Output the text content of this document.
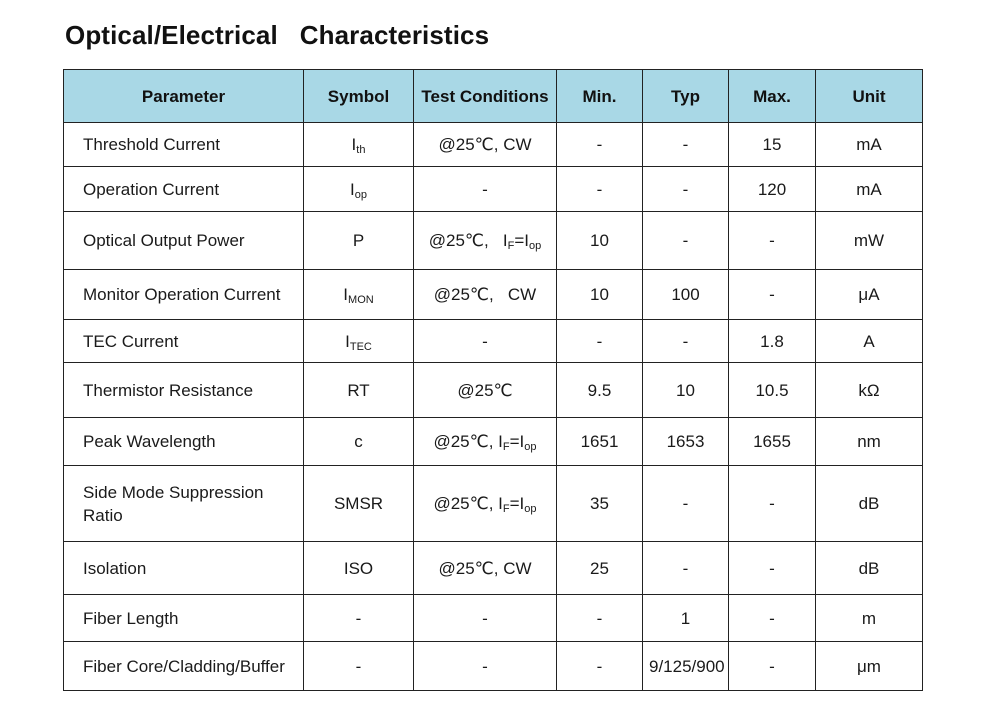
Optical/Electrical   Characteristics
Parameter	Symbol	Test Conditions	Min.	Typ	Max.	Unit
Threshold Current	$I_{th}$	@25℃, CW	-	-	15	mA
Operation Current	$I_{op}$	-	-	-	120	mA
Optical Output Power	P	@25℃,   $I_F=I_{op}$	10	-	-	mW
Monitor Operation Current	$I_{MON}$	@25℃,   CW	10	100	-	μA
TEC Current	$I_{TEC}$	-	-	-	1.8	A
Thermistor Resistance	RT	@25℃	9.5	10	10.5	kΩ
Peak Wavelength	c	@25℃, $I_F=I_{op}$	1651	1653	1655	nm
Side Mode Suppression Ratio	SMSR	@25℃, $I_F=I_{op}$	35	-	-	dB
Isolation	ISO	@25℃, CW	25	-	-	dB
Fiber Length	-	-	-	1	-	m
Fiber Core/Cladding/Buffer	-	-	-	9/125/900	-	μm
